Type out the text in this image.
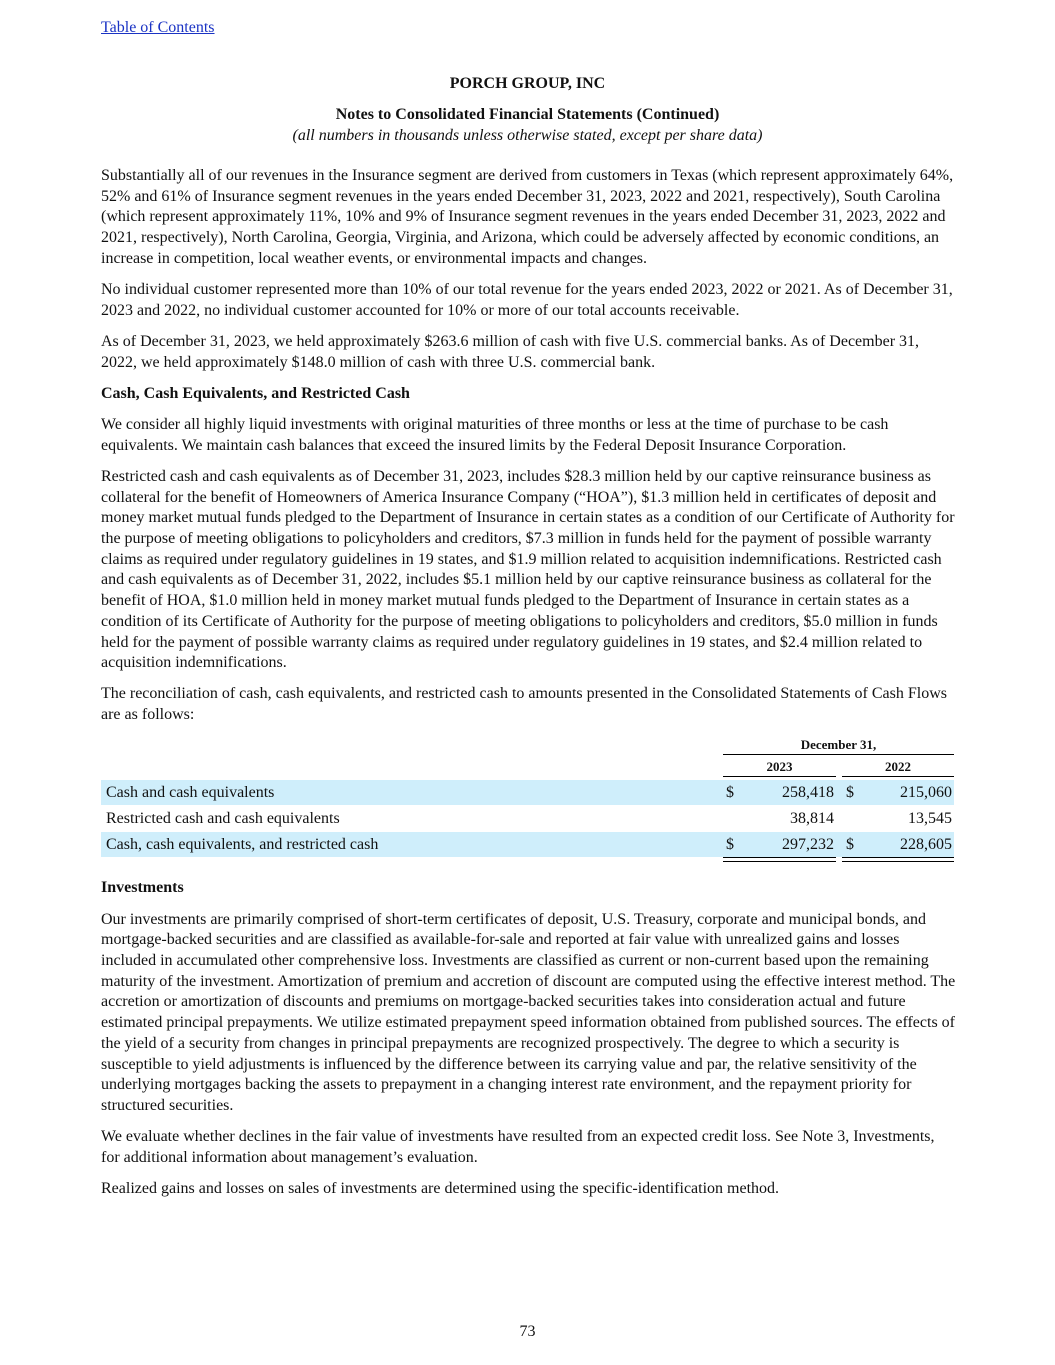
Table of Contents
PORCH GROUP, INC
Notes to Consolidated Financial Statements (Continued)
(all numbers in thousands unless otherwise stated, except per share data)

Substantially all of our revenues in the Insurance segment are derived from customers in Texas (which represent approximately 64%, 52% and 61% of Insurance segment revenues in the years ended December 31, 2023, 2022 and 2021, respectively), South Carolina (which represent approximately 11%, 10% and 9% of Insurance segment revenues in the years ended December 31, 2023, 2022 and 2021, respectively), North Carolina, Georgia, Virginia, and Arizona, which could be adversely affected by economic conditions, an increase in competition, local weather events, or environmental impacts and changes.

No individual customer represented more than 10% of our total revenue for the years ended 2023, 2022 or 2021. As of December 31, 2023 and 2022, no individual customer accounted for 10% or more of our total accounts receivable.

As of December 31, 2023, we held approximately $263.6 million of cash with five U.S. commercial banks. As of December 31, 2022, we held approximately $148.0 million of cash with three U.S. commercial bank.

Cash, Cash Equivalents, and Restricted Cash

We consider all highly liquid investments with original maturities of three months or less at the time of purchase to be cash equivalents. We maintain cash balances that exceed the insured limits by the Federal Deposit Insurance Corporation.

Restricted cash and cash equivalents as of December 31, 2023, includes $28.3 million held by our captive reinsurance business as collateral for the benefit of Homeowners of America Insurance Company (“HOA”), $1.3 million held in certificates of deposit and money market mutual funds pledged to the Department of Insurance in certain states as a condition of our Certificate of Authority for the purpose of meeting obligations to policyholders and creditors, $7.3 million in funds held for the payment of possible warranty claims as required under regulatory guidelines in 19 states, and $1.9 million related to acquisition indemnifications. Restricted cash and cash equivalents as of December 31, 2022, includes $5.1 million held by our captive reinsurance business as collateral for the benefit of HOA, $1.0 million held in money market mutual funds pledged to the Department of Insurance in certain states as a condition of its Certificate of Authority for the purpose of meeting obligations to policyholders and creditors, $5.0 million in funds held for the payment of possible warranty claims as required under regulatory guidelines in 19 states, and $2.4 million related to acquisition indemnifications.

The reconciliation of cash, cash equivalents, and restricted cash to amounts presented in the Consolidated Statements of Cash Flows are as follows:

December 31,
2023	2022
Cash and cash equivalents	$	258,418 $	215,060
Restricted cash and cash equivalents	38,814	13,545
Cash, cash equivalents, and restricted cash	$	297,232 $	228,605
Investments

Our investments are primarily comprised of short-term certificates of deposit, U.S. Treasury, corporate and municipal bonds, and mortgage-backed securities and are classified as available-for-sale and reported at fair value with unrealized gains and losses included in accumulated other comprehensive loss. Investments are classified as current or non-current based upon the remaining maturity of the investment. Amortization of premium and accretion of discount are computed using the effective interest method. The accretion or amortization of discounts and premiums on mortgage-backed securities takes into consideration actual and future estimated principal prepayments. We utilize estimated prepayment speed information obtained from published sources. The effects of the yield of a security from changes in principal prepayments are recognized prospectively. The degree to which a security is susceptible to yield adjustments is influenced by the difference between its carrying value and par, the relative sensitivity of the underlying mortgages backing the assets to prepayment in a changing interest rate environment, and the repayment priority for structured securities.

We evaluate whether declines in the fair value of investments have resulted from an expected credit loss. See Note 3, Investments, for additional information about management’s evaluation.

Realized gains and losses on sales of investments are determined using the specific-identification method.

73
